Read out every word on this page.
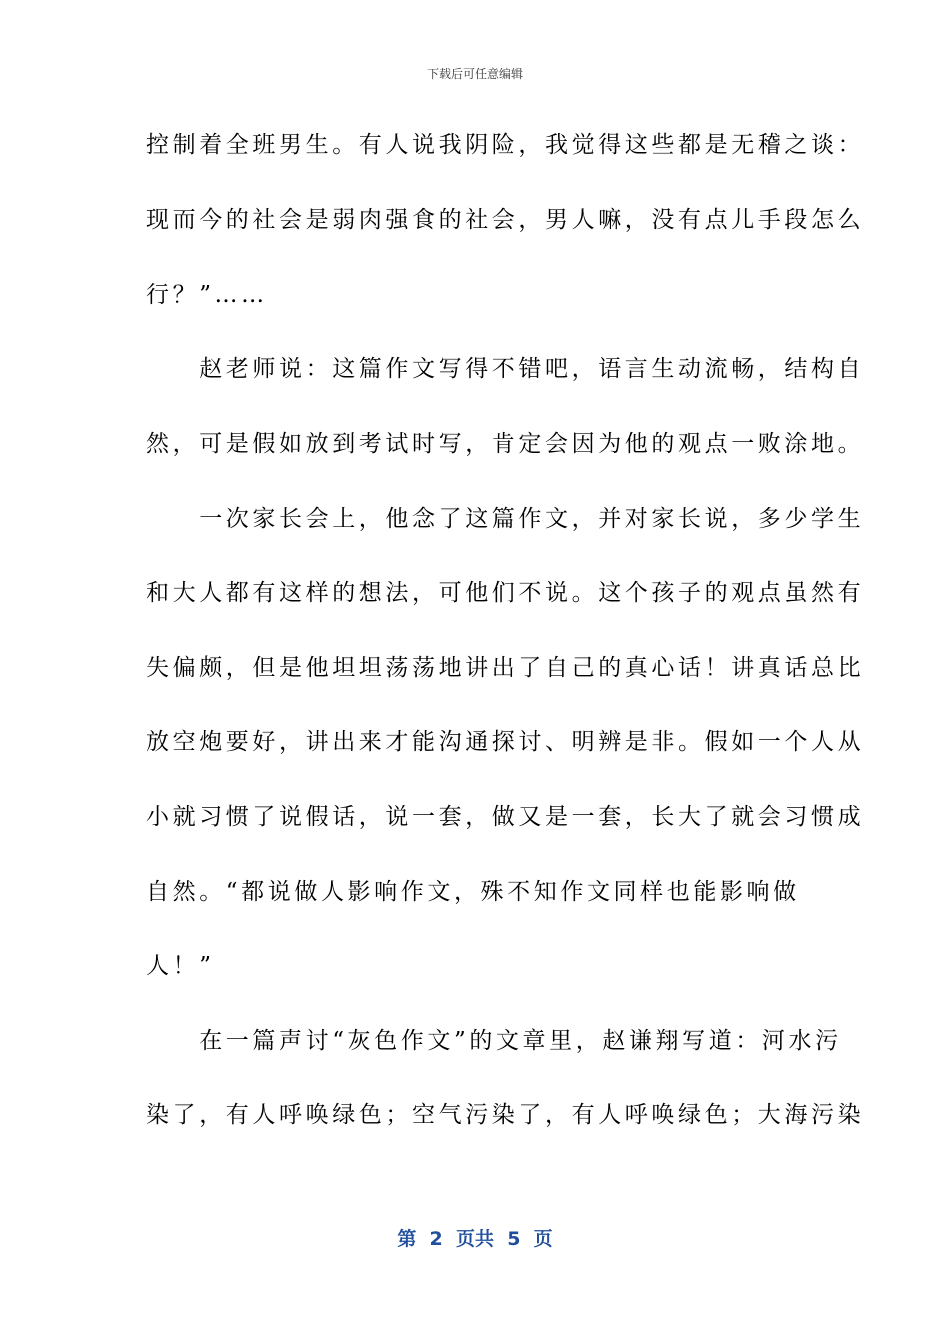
下载后可任意编辑
控制着全班男生。有人说我阴险，我觉得这些都是无稽之谈：
现而今的社会是弱肉强食的社会，男人嘛，没有点儿手段怎么
行？”……
　　赵老师说：这篇作文写得不错吧，语言生动流畅，结构自
然，可是假如放到考试时写，肯定会因为他的观点一败涂地。
　　一次家长会上，他念了这篇作文，并对家长说，多少学生
和大人都有这样的想法，可他们不说。这个孩子的观点虽然有
失偏颇，但是他坦坦荡荡地讲出了自己的真心话！讲真话总比
放空炮要好，讲出来才能沟通探讨、明辨是非。假如一个人从
小就习惯了说假话，说一套，做又是一套，长大了就会习惯成
自然。“都说做人影响作文，殊不知作文同样也能影响做
人！”
　　在一篇声讨“灰色作文”的文章里，赵谦翔写道：河水污
染了，有人呼唤绿色；空气污染了，有人呼唤绿色；大海污染
第  2  页共  5  页
